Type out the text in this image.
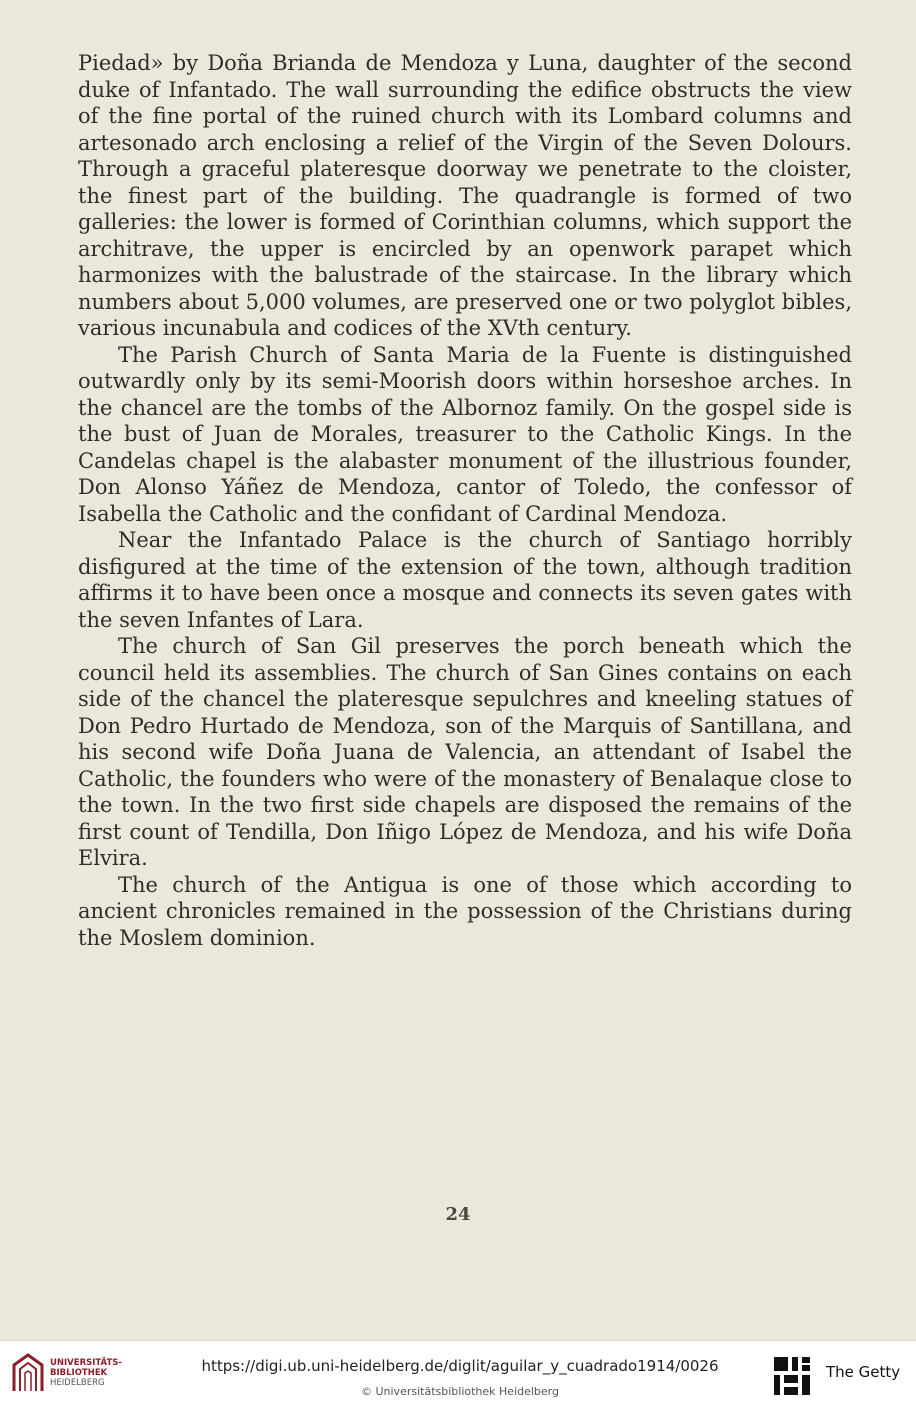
Piedad» by Doña Brianda de Mendoza y Luna, daughter of the second duke of Infantado. The wall surrounding the edifice obstructs the view of the fine portal of the ruined church with its Lombard columns and artesonado arch enclosing a relief of the Virgin of the Seven Dolours. Through a graceful plateresque doorway we penetrate to the cloister, the finest part of the building. The quadrangle is formed of two galleries: the lower is formed of Corinthian columns, which support the architrave, the upper is encircled by an openwork parapet which harmonizes with the balustrade of the staircase. In the library which numbers about 5,000 volumes, are preserved one or two polyglot bibles, various incunabula and codices of the XVth century.

The Parish Church of Santa Maria de la Fuente is distinguished outwardly only by its semi-Moorish doors within horseshoe arches. In the chancel are the tombs of the Albornoz family. On the gospel side is the bust of Juan de Morales, treasurer to the Catholic Kings. In the Candelas chapel is the alabaster monument of the illustrious founder, Don Alonso Yáñez de Mendoza, cantor of Toledo, the confessor of Isabella the Catholic and the confidant of Cardinal Mendoza.

Near the Infantado Palace is the church of Santiago horribly disfigured at the time of the extension of the town, although tradition affirms it to have been once a mosque and connects its seven gates with the seven Infantes of Lara.

The church of San Gil preserves the porch beneath which the council held its assemblies. The church of San Gines contains on each side of the chancel the plateresque sepulchres and kneeling statues of Don Pedro Hurtado de Mendoza, son of the Marquis of Santillana, and his second wife Doña Juana de Valencia, an attendant of Isabel the Catholic, the founders who were of the monastery of Benalaque close to the town. In the two first side chapels are disposed the remains of the first count of Tendilla, Don Iñigo López de Mendoza, and his wife Doña Elvira.

The church of the Antigua is one of those which according to ancient chronicles remained in the possession of the Christians during the Moslem dominion.

24
UNIVERSITÄTS-
BIBLIOTHEK
HEIDELBERG
https://digi.ub.uni-heidelberg.de/diglit/aguilar_y_cuadrado1914/0026
© Universitätsbibliothek Heidelberg
The Getty
